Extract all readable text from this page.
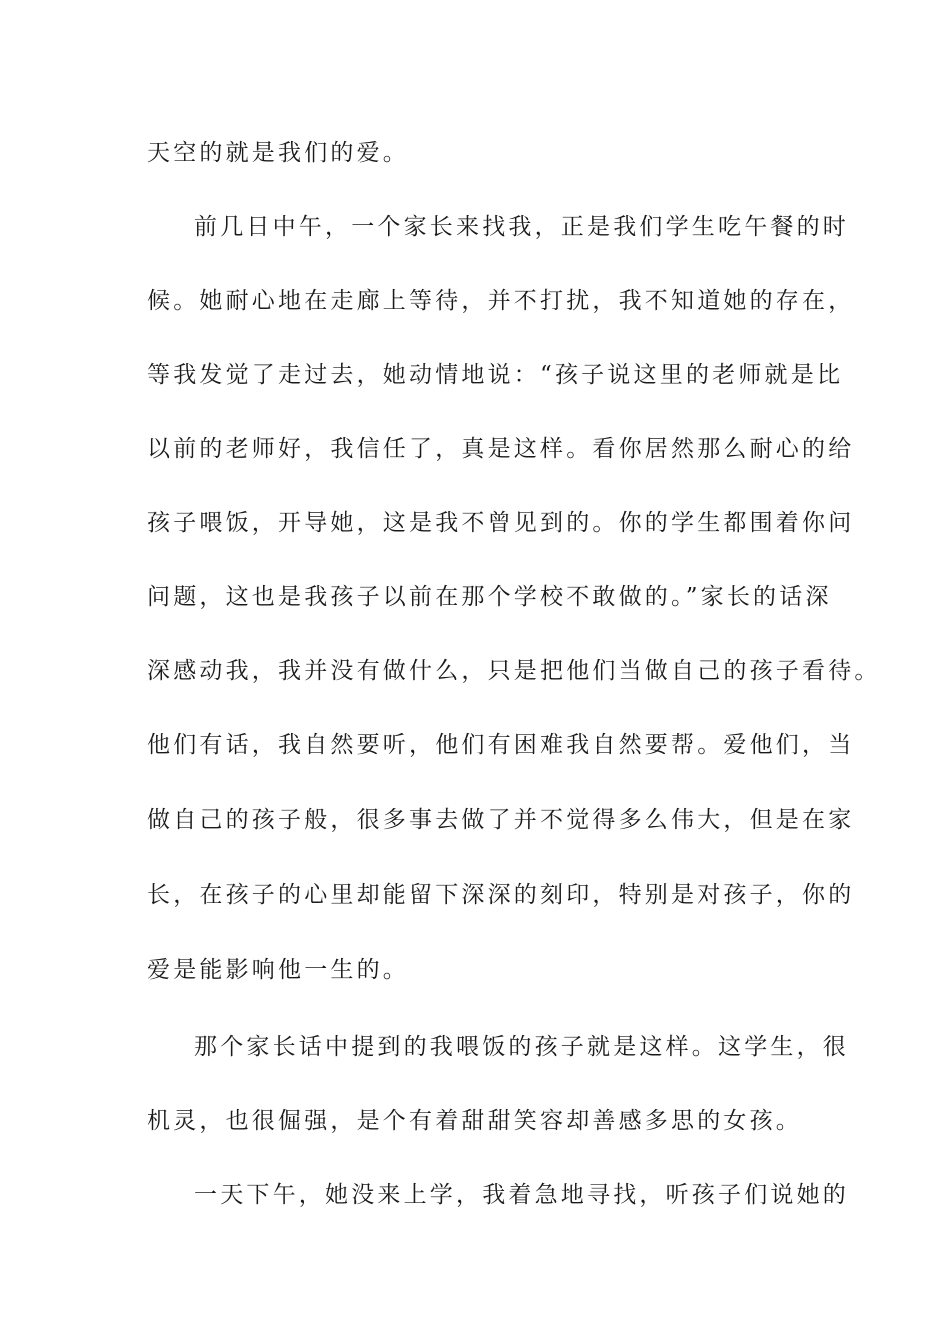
天空的就是我们的爱。
前几日中午，一个家长来找我，正是我们学生吃午餐的时
候。她耐心地在走廊上等待，并不打扰，我不知道她的存在，
等我发觉了走过去，她动情地说：“孩子说这里的老师就是比
以前的老师好，我信任了，真是这样。看你居然那么耐心的给
孩子喂饭，开导她，这是我不曾见到的。你的学生都围着你问
问题，这也是我孩子以前在那个学校不敢做的。”家长的话深
深感动我，我并没有做什么，只是把他们当做自己的孩子看待。
他们有话，我自然要听，他们有困难我自然要帮。爱他们，当
做自己的孩子般，很多事去做了并不觉得多么伟大，但是在家
长，在孩子的心里却能留下深深的刻印，特别是对孩子，你的
爱是能影响他一生的。
那个家长话中提到的我喂饭的孩子就是这样。这学生，很
机灵，也很倔强，是个有着甜甜笑容却善感多思的女孩。
一天下午，她没来上学，我着急地寻找，听孩子们说她的
